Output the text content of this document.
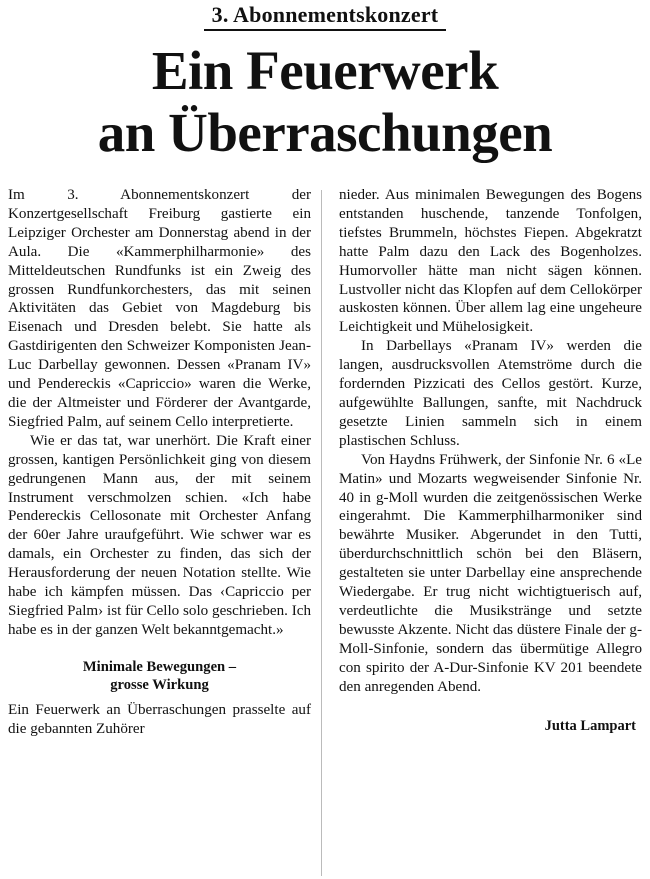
3. Abonnementskonzert
Ein Feuerwerk
an Überraschungen

Im 3. Abonnementskonzert der Konzertgesellschaft Freiburg gastierte ein Leipziger Orchester am Donnerstag abend in der Aula. Die «Kammerphilharmonie» des Mitteldeutschen Rundfunks ist ein Zweig des grossen Rundfunkorchesters, das mit seinen Aktivitäten das Gebiet von Magdeburg bis Eisenach und Dresden belebt. Sie hatte als Gastdirigenten den Schweizer Komponisten Jean-Luc Darbellay gewonnen. Dessen «Pranam IV» und Pendereckis «Capriccio» waren die Werke, die der Altmeister und Förderer der Avantgarde, Siegfried Palm, auf seinem Cello interpretierte.

Wie er das tat, war unerhört. Die Kraft einer grossen, kantigen Persönlichkeit ging von diesem gedrungenen Mann aus, der mit seinem Instrument verschmolzen schien. «Ich habe Pendereckis Cellosonate mit Orchester Anfang der 60er Jahre uraufgeführt. Wie schwer war es damals, ein Orchester zu finden, das sich der Herausforderung der neuen Notation stellte. Wie habe ich kämpfen müssen. Das ‹Capriccio per Siegfried Palm› ist für Cello solo geschrieben. Ich habe es in der ganzen Welt bekanntgemacht.»

Minimale Bewegungen –
grosse Wirkung

Ein Feuerwerk an Überraschungen prasselte auf die gebannten Zuhörer

nieder. Aus minimalen Bewegungen des Bogens entstanden huschende, tanzende Tonfolgen, tiefstes Brummeln, höchstes Fiepen. Abgekratzt hatte Palm dazu den Lack des Bogenholzes. Humorvoller hätte man nicht sägen können. Lustvoller nicht das Klopfen auf dem Cellokörper auskosten können. Über allem lag eine ungeheure Leichtigkeit und Mühelosigkeit.

In Darbellays «Pranam IV» werden die langen, ausdrucksvollen Atemströme durch die fordernden Pizzicati des Cellos gestört. Kurze, aufgewühlte Ballungen, sanfte, mit Nachdruck gesetzte Linien sammeln sich in einem plastischen Schluss.

Von Haydns Frühwerk, der Sinfonie Nr. 6 «Le Matin» und Mozarts wegweisender Sinfonie Nr. 40 in g-Moll wurden die zeitgenössischen Werke eingerahmt. Die Kammerphilharmoniker sind bewährte Musiker. Abgerundet in den Tutti, überdurchschnittlich schön bei den Bläsern, gestalteten sie unter Darbellay eine ansprechende Wiedergabe. Er trug nicht wichtigtuerisch auf, verdeutlichte die Musikstränge und setzte bewusste Akzente. Nicht das düstere Finale der g-Moll-Sinfonie, sondern das übermütige Allegro con spirito der A-Dur-Sinfonie KV 201 beendete den anregenden Abend.

Jutta Lampart
